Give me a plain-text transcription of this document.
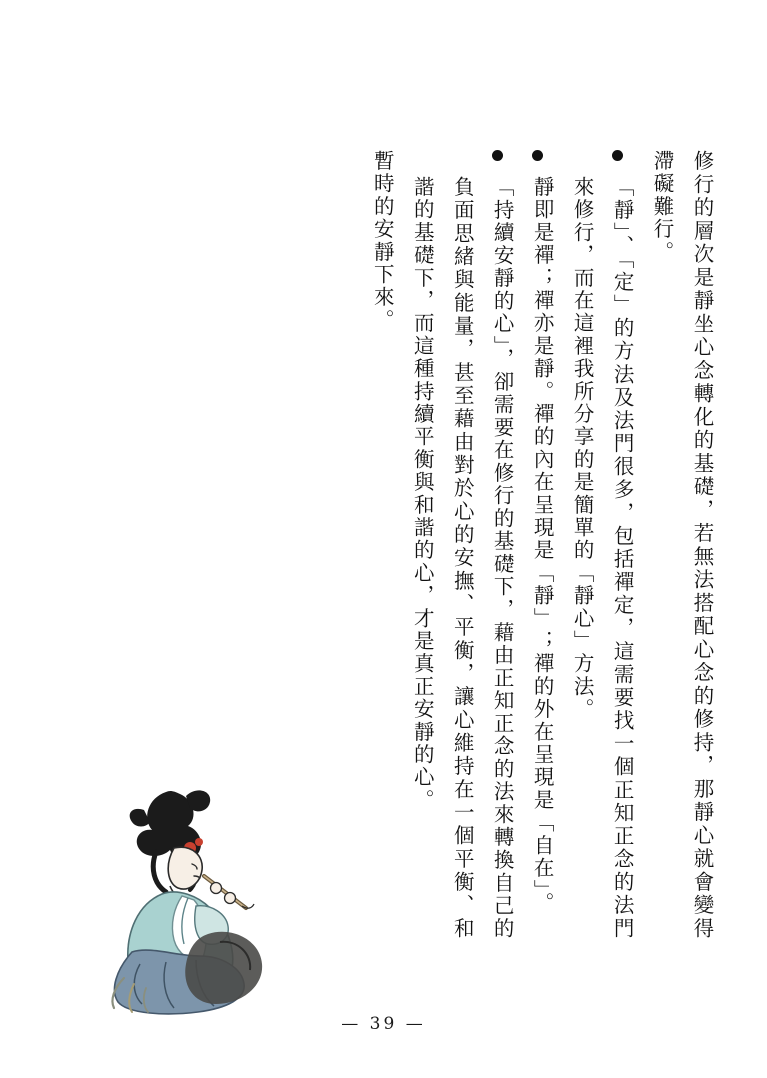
暫時的安靜下來。	「持續安靜的心」，卻需要在修行的基礎下，藉由正知正念的法來轉換自己的負面思緒與能量，甚至藉由對於心的安撫、平衡，讓心維持在一個平衡、和諧的基礎下，而這種持續平衡與和諧的心，才是真正安靜的心。	靜即是禪；禪亦是靜。禪的內在呈現是「靜」；禪的外在呈現是「自在」。	「靜」、「定」的方法及法門很多，包括禪定，這需要找一個正知正念的法門來修行，而在這裡我所分享的是簡單的「靜心」方法。	修行的層次是靜坐心念轉化的基礎，若無法搭配心念的修持，那靜心就會變得滯礙難行。
— 39 —
